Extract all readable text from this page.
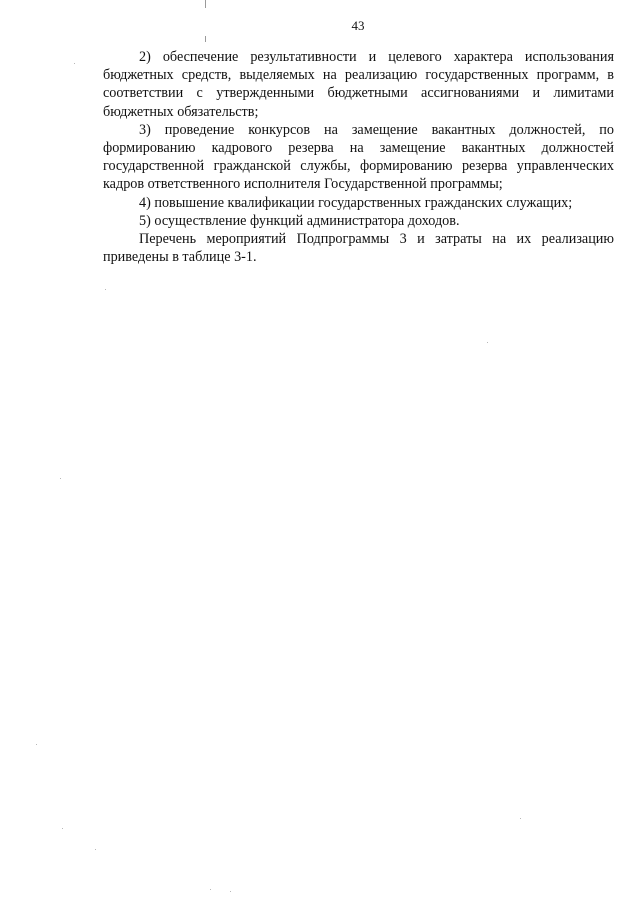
43

2) обеспечение результативности и целевого характера использования бюджетных средств, выделяемых на реализацию государственных программ, в соответствии с утвержденными бюджетными ассигнованиями и лимитами бюджетных обязательств;

3) проведение конкурсов на замещение вакантных должностей, по формированию кадрового резерва на замещение вакантных должностей государственной гражданской службы, формированию резерва управленческих кадров ответственного исполнителя Государственной программы;

4) повышение квалификации государственных гражданских служащих;

5) осуществление функций администратора доходов.

Перечень мероприятий Подпрограммы 3 и затраты на их реализацию приведены в таблице 3-1.
